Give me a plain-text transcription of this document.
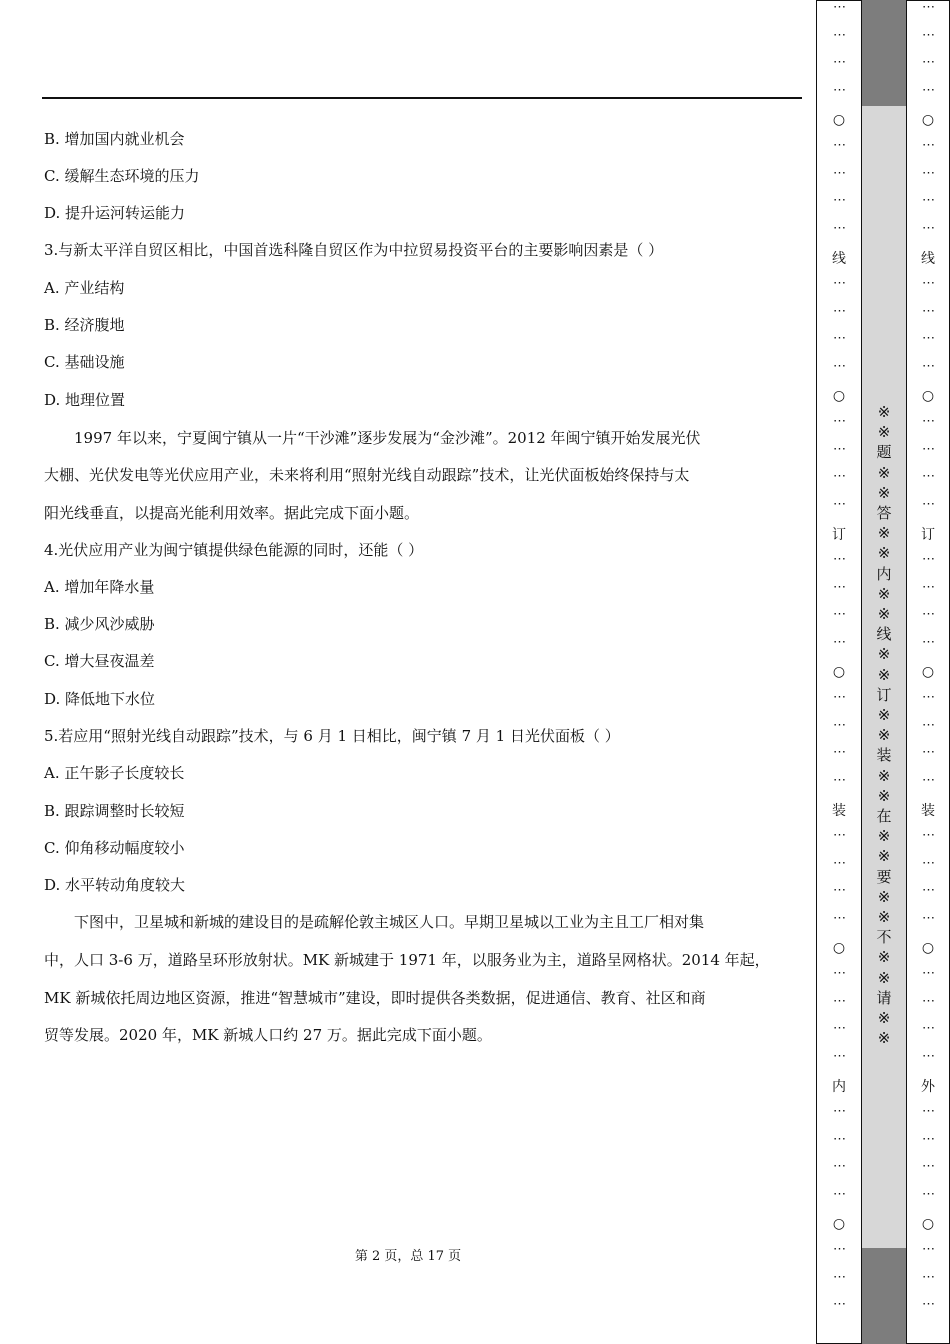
B. 增加国内就业机会
C. 缓解生态环境的压力
D. 提升运河转运能力
3.与新太平洋自贸区相比，中国首选科隆自贸区作为中拉贸易投资平台的主要影响因素是（ ）
A. 产业结构
B. 经济腹地
C. 基础设施
D. 地理位置
　　1997 年以来，宁夏闽宁镇从一片“干沙滩”逐步发展为“金沙滩”。2012 年闽宁镇开始发展光伏
大棚、光伏发电等光伏应用产业，未来将利用“照射光线自动跟踪”技术，让光伏面板始终保持与太
阳光线垂直，以提高光能利用效率。据此完成下面小题。
4.光伏应用产业为闽宁镇提供绿色能源的同时，还能（ ）
A. 增加年降水量
B. 减少风沙威胁
C. 增大昼夜温差
D. 降低地下水位
5.若应用“照射光线自动跟踪”技术，与 6 月 1 日相比，闽宁镇 7 月 1 日光伏面板（ ）
A. 正午影子长度较长
B. 跟踪调整时长较短
C. 仰角移动幅度较小
D. 水平转动角度较大
　　下图中，卫星城和新城的建设目的是疏解伦敦主城区人口。早期卫星城以工业为主且工厂相对集
中，人口 3-6 万，道路呈环形放射状。MK 新城建于 1971 年，以服务业为主，道路呈网格状。2014 年起，
MK 新城依托周边地区资源，推进“智慧城市”建设，即时提供各类数据，促进通信、教育、社区和商
贸等发展。2020 年，MK 新城人口约 27 万。据此完成下面小题。
第 2 页，总 17 页
※
※
题
※
※
答
※
※
内
※
※
线
※
※
订
※
※
装
※
※
在
※
※
要
※
※
不
※
※
请
※
※
⋯
⋯
⋯
⋯
⋯
⋯
⋯
⋯
⋯
⋯
⋯
⋯
⋯
⋯
⋯
⋯
⋯
⋯
⋯
⋯
⋯
⋯
⋯
⋯
⋯
⋯
⋯
⋯
⋯
⋯
⋯
⋯
⋯
⋯
⋯
⋯
⋯
⋯
⋯
○
○
○
○
○
线
订
装
内
⋯
⋯
⋯
⋯
⋯
⋯
⋯
⋯
⋯
⋯
⋯
⋯
⋯
⋯
⋯
⋯
⋯
⋯
⋯
⋯
⋯
⋯
⋯
⋯
⋯
⋯
⋯
⋯
⋯
⋯
⋯
⋯
⋯
⋯
⋯
⋯
⋯
⋯
⋯
○
○
○
○
○
线
订
装
外
